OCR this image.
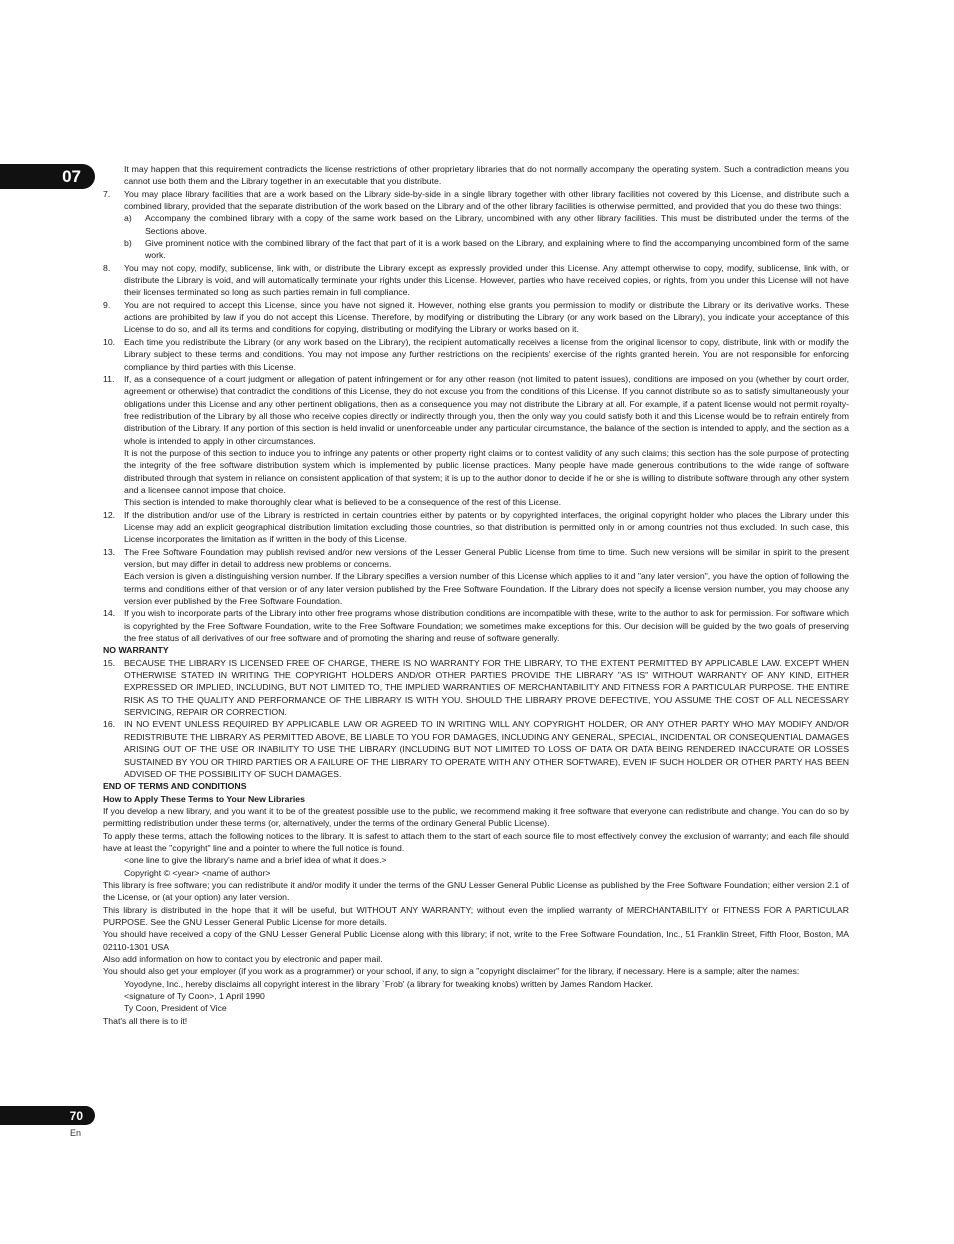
07	It may happen that this requirement contradicts the license restrictions of other proprietary libraries that do not normally accompany the operating system. Such a contradiction means you cannot use both them and the Library together in an executable that you distribute.

7. You may place library facilities that are a work based on the Library side-by-side in a single library together with other library facilities not covered by this License, and distribute such a combined library, provided that the separate distribution of the work based on the Library and of the other library facilities is otherwise permitted, and provided that you do these two things:

a) Accompany the combined library with a copy of the same work based on the Library, uncombined with any other library facilities. This must be distributed under the terms of the Sections above.

b) Give prominent notice with the combined library of the fact that part of it is a work based on the Library, and explaining where to find the accompanying uncombined form of the same work.

8. You may not copy, modify, sublicense, link with, or distribute the Library except as expressly provided under this License. Any attempt otherwise to copy, modify, sublicense, link with, or distribute the Library is void, and will automatically terminate your rights under this License. However, parties who have received copies, or rights, from you under this License will not have their licenses terminated so long as such parties remain in full compliance.

9. You are not required to accept this License, since you have not signed it. However, nothing else grants you permission to modify or distribute the Library or its derivative works. These actions are prohibited by law if you do not accept this License. Therefore, by modifying or distributing the Library (or any work based on the Library), you indicate your acceptance of this License to do so, and all its terms and conditions for copying, distributing or modifying the Library or works based on it.

10. Each time you redistribute the Library (or any work based on the Library), the recipient automatically receives a license from the original licensor to copy, distribute, link with or modify the Library subject to these terms and conditions. You may not impose any further restrictions on the recipients' exercise of the rights granted herein. You are not responsible for enforcing compliance by third parties with this License.

11. If, as a consequence of a court judgment or allegation of patent infringement or for any other reason (not limited to patent issues), conditions are imposed on you (whether by court order, agreement or otherwise) that contradict the conditions of this License, they do not excuse you from the conditions of this License. If you cannot distribute so as to satisfy simultaneously your obligations under this License and any other pertinent obligations, then as a consequence you may not distribute the Library at all. For example, if a patent license would not permit royalty-free redistribution of the Library by all those who receive copies directly or indirectly through you, then the only way you could satisfy both it and this License would be to refrain entirely from distribution of the Library. If any portion of this section is held invalid or unenforceable under any particular circumstance, the balance of the section is intended to apply, and the section as a whole is intended to apply in other circumstances.

It is not the purpose of this section to induce you to infringe any patents or other property right claims or to contest validity of any such claims; this section has the sole purpose of protecting the integrity of the free software distribution system which is implemented by public license practices. Many people have made generous contributions to the wide range of software distributed through that system in reliance on consistent application of that system; it is up to the author donor to decide if he or she is willing to distribute software through any other system and a licensee cannot impose that choice.

This section is intended to make thoroughly clear what is believed to be a consequence of the rest of this License.

12. If the distribution and/or use of the Library is restricted in certain countries either by patents or by copyrighted interfaces, the original copyright holder who places the Library under this License may add an explicit geographical distribution limitation excluding those countries, so that distribution is permitted only in or among countries not thus excluded. In such case, this License incorporates the limitation as if written in the body of this License.

13. The Free Software Foundation may publish revised and/or new versions of the Lesser General Public License from time to time. Such new versions will be similar in spirit to the present version, but may differ in detail to address new problems or concerns.

Each version is given a distinguishing version number. If the Library specifies a version number of this License which applies to it and "any later version", you have the option of following the terms and conditions either of that version or of any later version published by the Free Software Foundation. If the Library does not specify a license version number, you may choose any version ever published by the Free Software Foundation.

14. If you wish to incorporate parts of the Library into other free programs whose distribution conditions are incompatible with these, write to the author to ask for permission. For software which is copyrighted by the Free Software Foundation, write to the Free Software Foundation; we sometimes make exceptions for this. Our decision will be guided by the two goals of preserving the free status of all derivatives of our free software and of promoting the sharing and reuse of software generally.

NO WARRANTY

15. BECAUSE THE LIBRARY IS LICENSED FREE OF CHARGE, THERE IS NO WARRANTY FOR THE LIBRARY, TO THE EXTENT PERMITTED BY APPLICABLE LAW. EXCEPT WHEN OTHERWISE STATED IN WRITING THE COPYRIGHT HOLDERS AND/OR OTHER PARTIES PROVIDE THE LIBRARY "AS IS" WITHOUT WARRANTY OF ANY KIND, EITHER EXPRESSED OR IMPLIED, INCLUDING, BUT NOT LIMITED TO, THE IMPLIED WARRANTIES OF MERCHANTABILITY AND FITNESS FOR A PARTICULAR PURPOSE. THE ENTIRE RISK AS TO THE QUALITY AND PERFORMANCE OF THE LIBRARY IS WITH YOU. SHOULD THE LIBRARY PROVE DEFECTIVE, YOU ASSUME THE COST OF ALL NECESSARY SERVICING, REPAIR OR CORRECTION.

16. IN NO EVENT UNLESS REQUIRED BY APPLICABLE LAW OR AGREED TO IN WRITING WILL ANY COPYRIGHT HOLDER, OR ANY OTHER PARTY WHO MAY MODIFY AND/OR REDISTRIBUTE THE LIBRARY AS PERMITTED ABOVE, BE LIABLE TO YOU FOR DAMAGES, INCLUDING ANY GENERAL, SPECIAL, INCIDENTAL OR CONSEQUENTIAL DAMAGES ARISING OUT OF THE USE OR INABILITY TO USE THE LIBRARY (INCLUDING BUT NOT LIMITED TO LOSS OF DATA OR DATA BEING RENDERED INACCURATE OR LOSSES SUSTAINED BY YOU OR THIRD PARTIES OR A FAILURE OF THE LIBRARY TO OPERATE WITH ANY OTHER SOFTWARE), EVEN IF SUCH HOLDER OR OTHER PARTY HAS BEEN ADVISED OF THE POSSIBILITY OF SUCH DAMAGES.

END OF TERMS AND CONDITIONS

How to Apply These Terms to Your New Libraries

If you develop a new library, and you want it to be of the greatest possible use to the public, we recommend making it free software that everyone can redistribute and change. You can do so by permitting redistribution under these terms (or, alternatively, under the terms of the ordinary General Public License).

To apply these terms, attach the following notices to the library. It is safest to attach them to the start of each source file to most effectively convey the exclusion of warranty; and each file should have at least the "copyright" line and a pointer to where the full notice is found.

<one line to give the library's name and a brief idea of what it does.>

Copyright © <year> <name of author>

This library is free software; you can redistribute it and/or modify it under the terms of the GNU Lesser General Public License as published by the Free Software Foundation; either version 2.1 of the License, or (at your option) any later version.

This library is distributed in the hope that it will be useful, but WITHOUT ANY WARRANTY; without even the implied warranty of MERCHANTABILITY or FITNESS FOR A PARTICULAR PURPOSE. See the GNU Lesser General Public License for more details.

You should have received a copy of the GNU Lesser General Public License along with this library; if not, write to the Free Software Foundation, Inc., 51 Franklin Street, Fifth Floor, Boston, MA 02110-1301 USA

Also add information on how to contact you by electronic and paper mail.

You should also get your employer (if you work as a programmer) or your school, if any, to sign a "copyright disclaimer" for the library, if necessary. Here is a sample; alter the names:

Yoyodyne, Inc., hereby disclaims all copyright interest in the library `Frob' (a library for tweaking knobs) written by James Random Hacker.

<signature of Ty Coon>, 1 April 1990

Ty Coon, President of Vice

That's all there is to it!

70
En
